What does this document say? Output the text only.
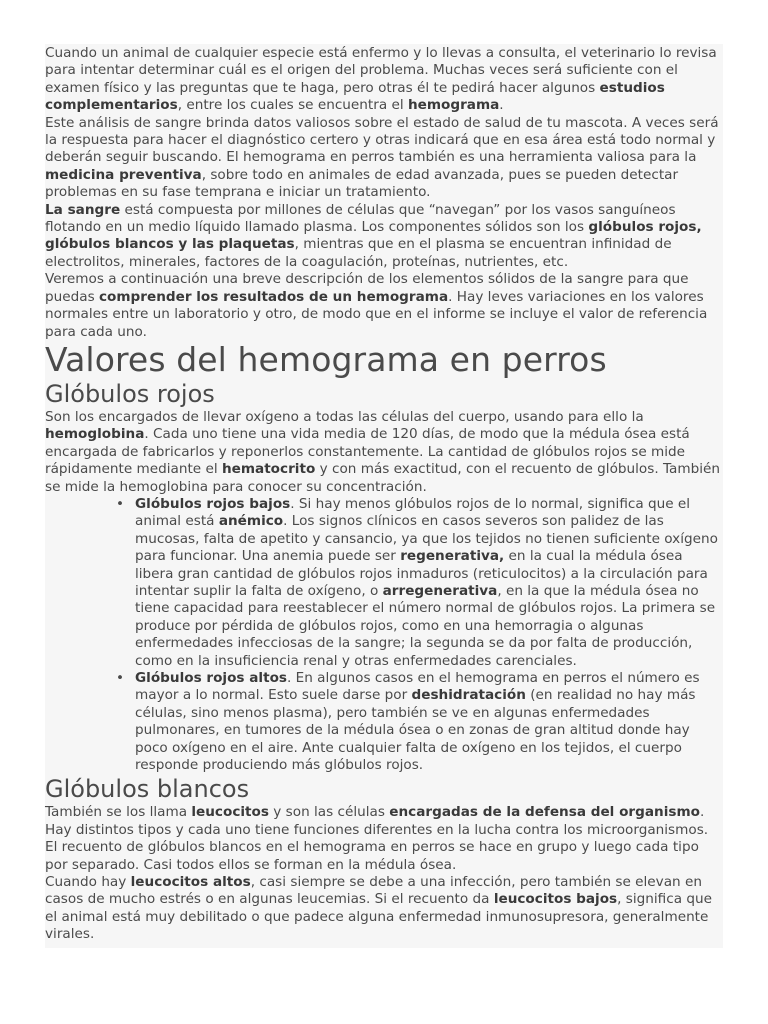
Cuando un animal de cualquier especie está enfermo y lo llevas a consulta, el veterinario lo revisa para intentar determinar cuál es el origen del problema. Muchas veces será suficiente con el examen físico y las preguntas que te haga, pero otras él te pedirá hacer algunos estudios complementarios, entre los cuales se encuentra el hemograma.

Este análisis de sangre brinda datos valiosos sobre el estado de salud de tu mascota. A veces será la respuesta para hacer el diagnóstico certero y otras indicará que en esa área está todo normal y deberán seguir buscando. El hemograma en perros también es una herramienta valiosa para la medicina preventiva, sobre todo en animales de edad avanzada, pues se pueden detectar problemas en su fase temprana e iniciar un tratamiento.

La sangre está compuesta por millones de células que “navegan” por los vasos sanguíneos flotando en un medio líquido llamado plasma. Los componentes sólidos son los glóbulos rojos, glóbulos blancos y las plaquetas, mientras que en el plasma se encuentran infinidad de electrolitos, minerales, factores de la coagulación, proteínas, nutrientes, etc.

Veremos a continuación una breve descripción de los elementos sólidos de la sangre para que puedas comprender los resultados de un hemograma. Hay leves variaciones en los valores normales entre un laboratorio y otro, de modo que en el informe se incluye el valor de referencia para cada uno.

Valores del hemograma en perros
Glóbulos rojos

Son los encargados de llevar oxígeno a todas las células del cuerpo, usando para ello la hemoglobina. Cada uno tiene una vida media de 120 días, de modo que la médula ósea está encargada de fabricarlos y reponerlos constantemente. La cantidad de glóbulos rojos se mide rápidamente mediante el hematocrito y con más exactitud, con el recuento de glóbulos. También se mide la hemoglobina para conocer su concentración.

• Glóbulos rojos bajos. Si hay menos glóbulos rojos de lo normal, significa que el animal está anémico. Los signos clínicos en casos severos son palidez de las mucosas, falta de apetito y cansancio, ya que los tejidos no tienen suficiente oxígeno para funcionar. Una anemia puede ser regenerativa, en la cual la médula ósea libera gran cantidad de glóbulos rojos inmaduros (reticulocitos) a la circulación para intentar suplir la falta de oxígeno, o arregenerativa, en la que la médula ósea no tiene capacidad para reestablecer el número normal de glóbulos rojos. La primera se produce por pérdida de glóbulos rojos, como en una hemorragia o algunas enfermedades infecciosas de la sangre; la segunda se da por falta de producción, como en la insuficiencia renal y otras enfermedades carenciales.
• Glóbulos rojos altos. En algunos casos en el hemograma en perros el número es mayor a lo normal. Esto suele darse por deshidratación (en realidad no hay más células, sino menos plasma), pero también se ve en algunas enfermedades pulmonares, en tumores de la médula ósea o en zonas de gran altitud donde hay poco oxígeno en el aire. Ante cualquier falta de oxígeno en los tejidos, el cuerpo responde produciendo más glóbulos rojos.
Glóbulos blancos

También se los llama leucocitos y son las células encargadas de la defensa del organismo. Hay distintos tipos y cada uno tiene funciones diferentes en la lucha contra los microorganismos. El recuento de glóbulos blancos en el hemograma en perros se hace en grupo y luego cada tipo por separado. Casi todos ellos se forman en la médula ósea.

Cuando hay leucocitos altos, casi siempre se debe a una infección, pero también se elevan en casos de mucho estrés o en algunas leucemias. Si el recuento da leucocitos bajos, significa que el animal está muy debilitado o que padece alguna enfermedad inmunosupresora, generalmente virales.
